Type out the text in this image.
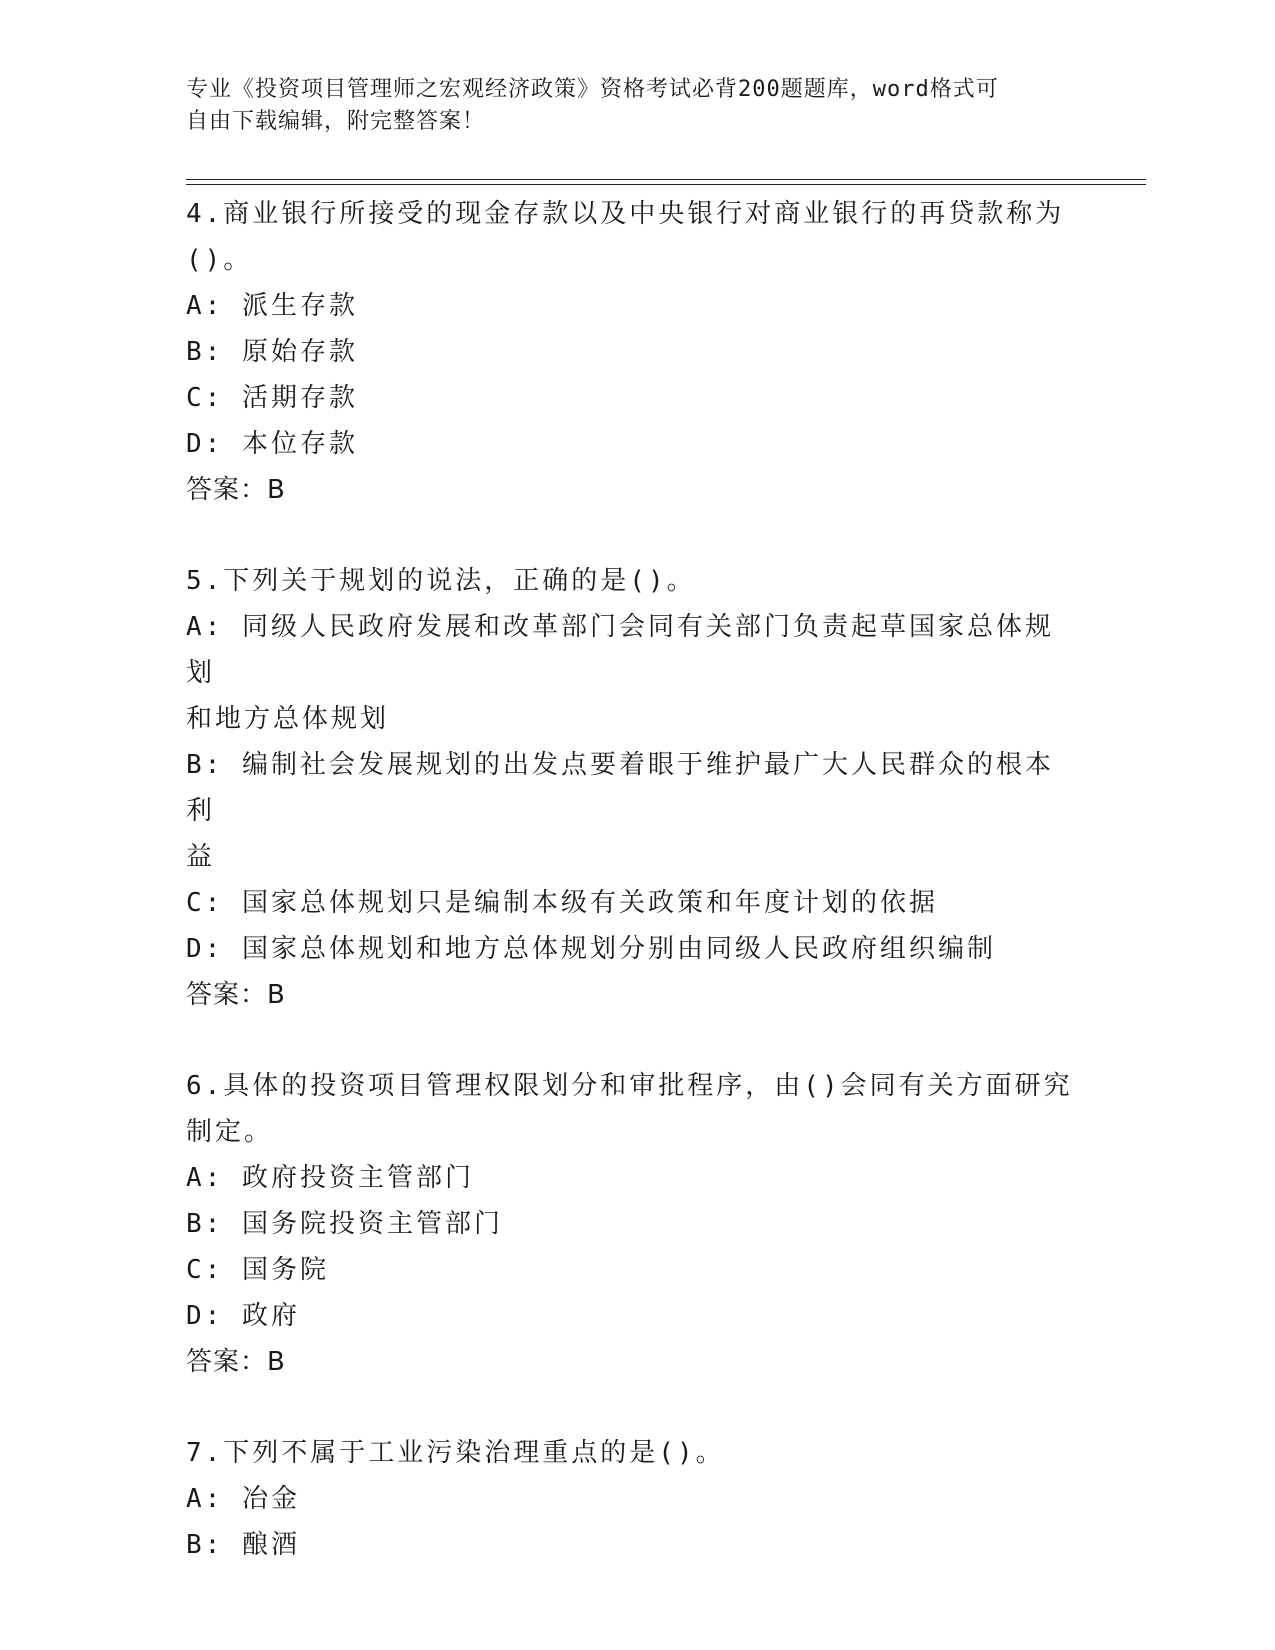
专业《投资项目管理师之宏观经济政策》资格考试必背200题题库，word格式可
自由下载编辑，附完整答案！
4.商业银行所接受的现金存款以及中央银行对商业银行的再贷款称为
()。
A: 派生存款
B: 原始存款
C: 活期存款
D: 本位存款
答案：B
5.下列关于规划的说法，正确的是()。
A: 同级人民政府发展和改革部门会同有关部门负责起草国家总体规划
和地方总体规划
B: 编制社会发展规划的出发点要着眼于维护最广大人民群众的根本利
益
C: 国家总体规划只是编制本级有关政策和年度计划的依据
D: 国家总体规划和地方总体规划分别由同级人民政府组织编制
答案：B
6.具体的投资项目管理权限划分和审批程序，由()会同有关方面研究
制定。
A: 政府投资主管部门
B: 国务院投资主管部门
C: 国务院
D: 政府
答案：B
7.下列不属于工业污染治理重点的是()。
A: 冶金
B: 酿酒
